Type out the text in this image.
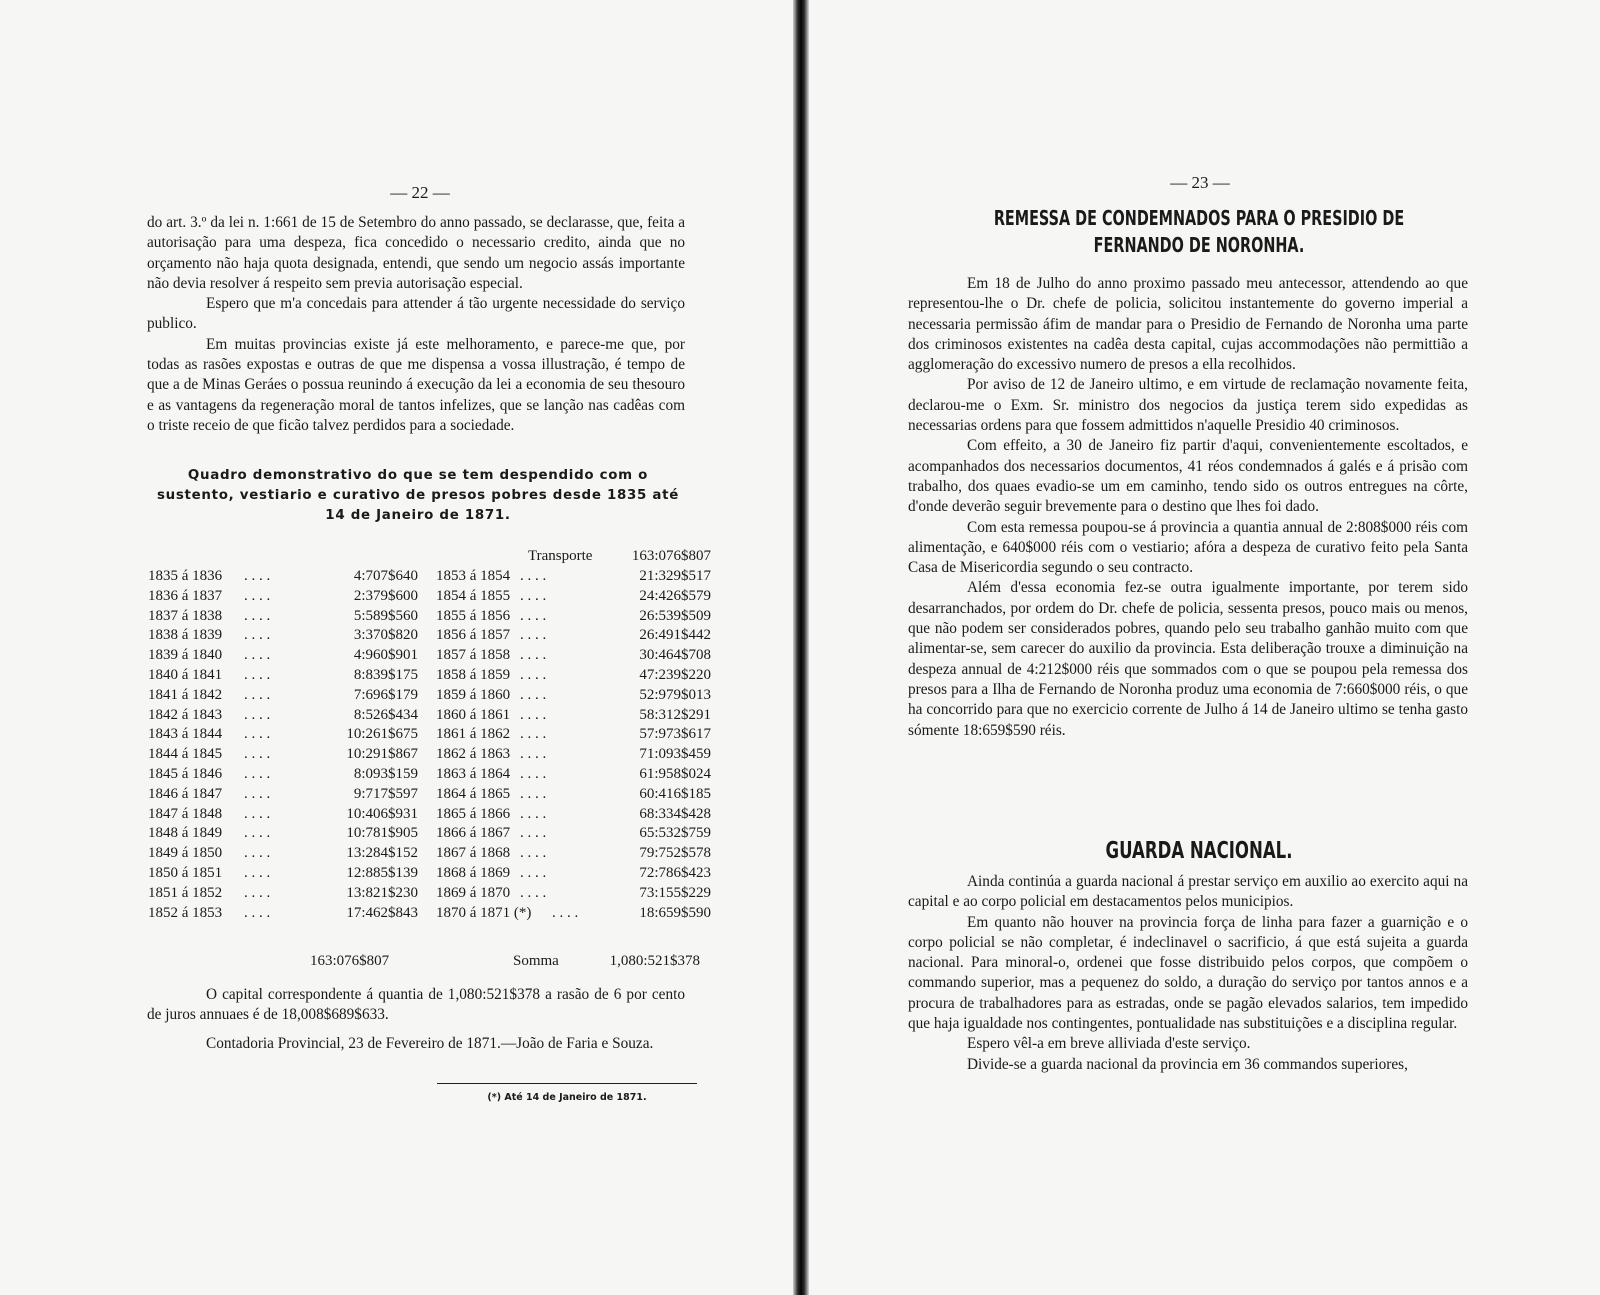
— 22 —

do art. 3.º da lei n. 1:661 de 15 de Setembro do anno passado, se declarasse, que, feita a autorisação para uma despeza, fica concedido o necessario credito, ainda que no orçamento não haja quota designada, entendi, que sendo um negocio assás importante não devia resolver á respeito sem previa autorisação especial.

Espero que m'a concedais para attender á tão urgente necessidade do serviço publico.

Em muitas provincias existe já este melhoramento, e parece-me que, por todas as rasões expostas e outras de que me dispensa a vossa illustração, é tempo de que a de Minas Geráes o possua reunindo á execução da lei a economia de seu thesouro e as vantagens da regeneração moral de tantos infelizes, que se lanção nas cadêas com o triste receio de que ficão talvez perdidos para a sociedade.

Quadro demonstrativo do que se tem despendido com o sustento, vestiario e curativo de presos pobres desde 1835 até 14 de Janeiro de 1871.
Transporte	163:076$807
1835 á 1836	. . . .	4:707$640 1853 á 1854 . . . .	21:329$517
1836 á 1837	. . . .	2:379$600 1854 á 1855 . . . .	24:426$579
1837 á 1838	. . . .	5:589$560 1855 á 1856 . . . .	26:539$509
1838 á 1839	. . . .	3:370$820 1856 á 1857 . . . .	26:491$442
1839 á 1840	. . . .	4:960$901 1857 á 1858 . . . .	30:464$708
1840 á 1841	. . . .	8:839$175 1858 á 1859 . . . .	47:239$220
1841 á 1842	. . . .	7:696$179 1859 á 1860 . . . .	52:979$013
1842 á 1843	. . . .	8:526$434 1860 á 1861 . . . .	58:312$291
1843 á 1844	. . . .	10:261$675 1861 á 1862 . . . .	57:973$617
1844 á 1845	. . . .	10:291$867 1862 á 1863 . . . .	71:093$459
1845 á 1846	. . . .	8:093$159 1863 á 1864 . . . .	61:958$024
1846 á 1847	. . . .	9:717$597 1864 á 1865 . . . .	60:416$185
1847 á 1848	. . . .	10:406$931 1865 á 1866 . . . .	68:334$428
1848 á 1849	. . . .	10:781$905 1866 á 1867 . . . .	65:532$759
1849 á 1850	. . . .	13:284$152 1867 á 1868 . . . .	79:752$578
1850 á 1851	. . . .	12:885$139 1868 á 1869 . . . .	72:786$423
1851 á 1852	. . . .	13:821$230 1869 á 1870 . . . .	73:155$229
1852 á 1853	. . . .	17:462$843 1870 á 1871 (*) . . . .	18:659$590
163:076$807	Somma	1,080:521$378

O capital correspondente á quantia de 1,080:521$378 a rasão de 6 por cento de juros annuaes é de 18,008$689$633.

Contadoria Provincial, 23 de Fevereiro de 1871.—João de Faria e Souza.

(*) Até 14 de Janeiro de 1871.
— 23 —
REMESSA DE CONDEMNADOS PARA O PRESIDIO DE FERNANDO DE NORONHA.

Em 18 de Julho do anno proximo passado meu antecessor, attendendo ao que representou-lhe o Dr. chefe de policia, solicitou instantemente do governo imperial a necessaria permissão áfim de mandar para o Presidio de Fernando de Noronha uma parte dos criminosos existentes na cadêa desta capital, cujas accommodações não permittião a agglomeração do excessivo numero de presos a ella recolhidos.

Por aviso de 12 de Janeiro ultimo, e em virtude de reclamação novamente feita, declarou-me o Exm. Sr. ministro dos negocios da justiça terem sido expedidas as necessarias ordens para que fossem admittidos n'aquelle Presidio 40 criminosos.

Com effeito, a 30 de Janeiro fiz partir d'aqui, convenientemente escoltados, e acompanhados dos necessarios documentos, 41 réos condemnados á galés e á prisão com trabalho, dos quaes evadio-se um em caminho, tendo sido os outros entregues na côrte, d'onde deverão seguir brevemente para o destino que lhes foi dado.

Com esta remessa poupou-se á provincia a quantia annual de 2:808$000 réis com alimentação, e 640$000 réis com o vestiario; afóra a despeza de curativo feito pela Santa Casa de Misericordia segundo o seu contracto.

Além d'essa economia fez-se outra igualmente importante, por terem sido desarranchados, por ordem do Dr. chefe de policia, sessenta presos, pouco mais ou menos, que não podem ser considerados pobres, quando pelo seu trabalho ganhão muito com que alimentar-se, sem carecer do auxilio da provincia. Esta deliberação trouxe a diminuição na despeza annual de 4:212$000 réis que sommados com o que se poupou pela remessa dos presos para a Ilha de Fernando de Noronha produz uma economia de 7:660$000 réis, o que ha concorrido para que no exercicio corrente de Julho á 14 de Janeiro ultimo se tenha gasto sómente 18:659$590 réis.

GUARDA NACIONAL.

Ainda continúa a guarda nacional á prestar serviço em auxilio ao exercito aqui na capital e ao corpo policial em destacamentos pelos municipios.

Em quanto não houver na provincia força de linha para fazer a guarnição e o corpo policial se não completar, é indeclinavel o sacrificio, á que está sujeita a guarda nacional. Para minoral-o, ordenei que fosse distribuido pelos corpos, que compõem o commando superior, mas a pequenez do soldo, a duração do serviço por tantos annos e a procura de trabalhadores para as estradas, onde se pagão elevados salarios, tem impedido que haja igualdade nos contingentes, pontualidade nas substituições e a disciplina regular.

Espero vêl-a em breve alliviada d'este serviço.

Divide-se a guarda nacional da provincia em 36 commandos superiores,
